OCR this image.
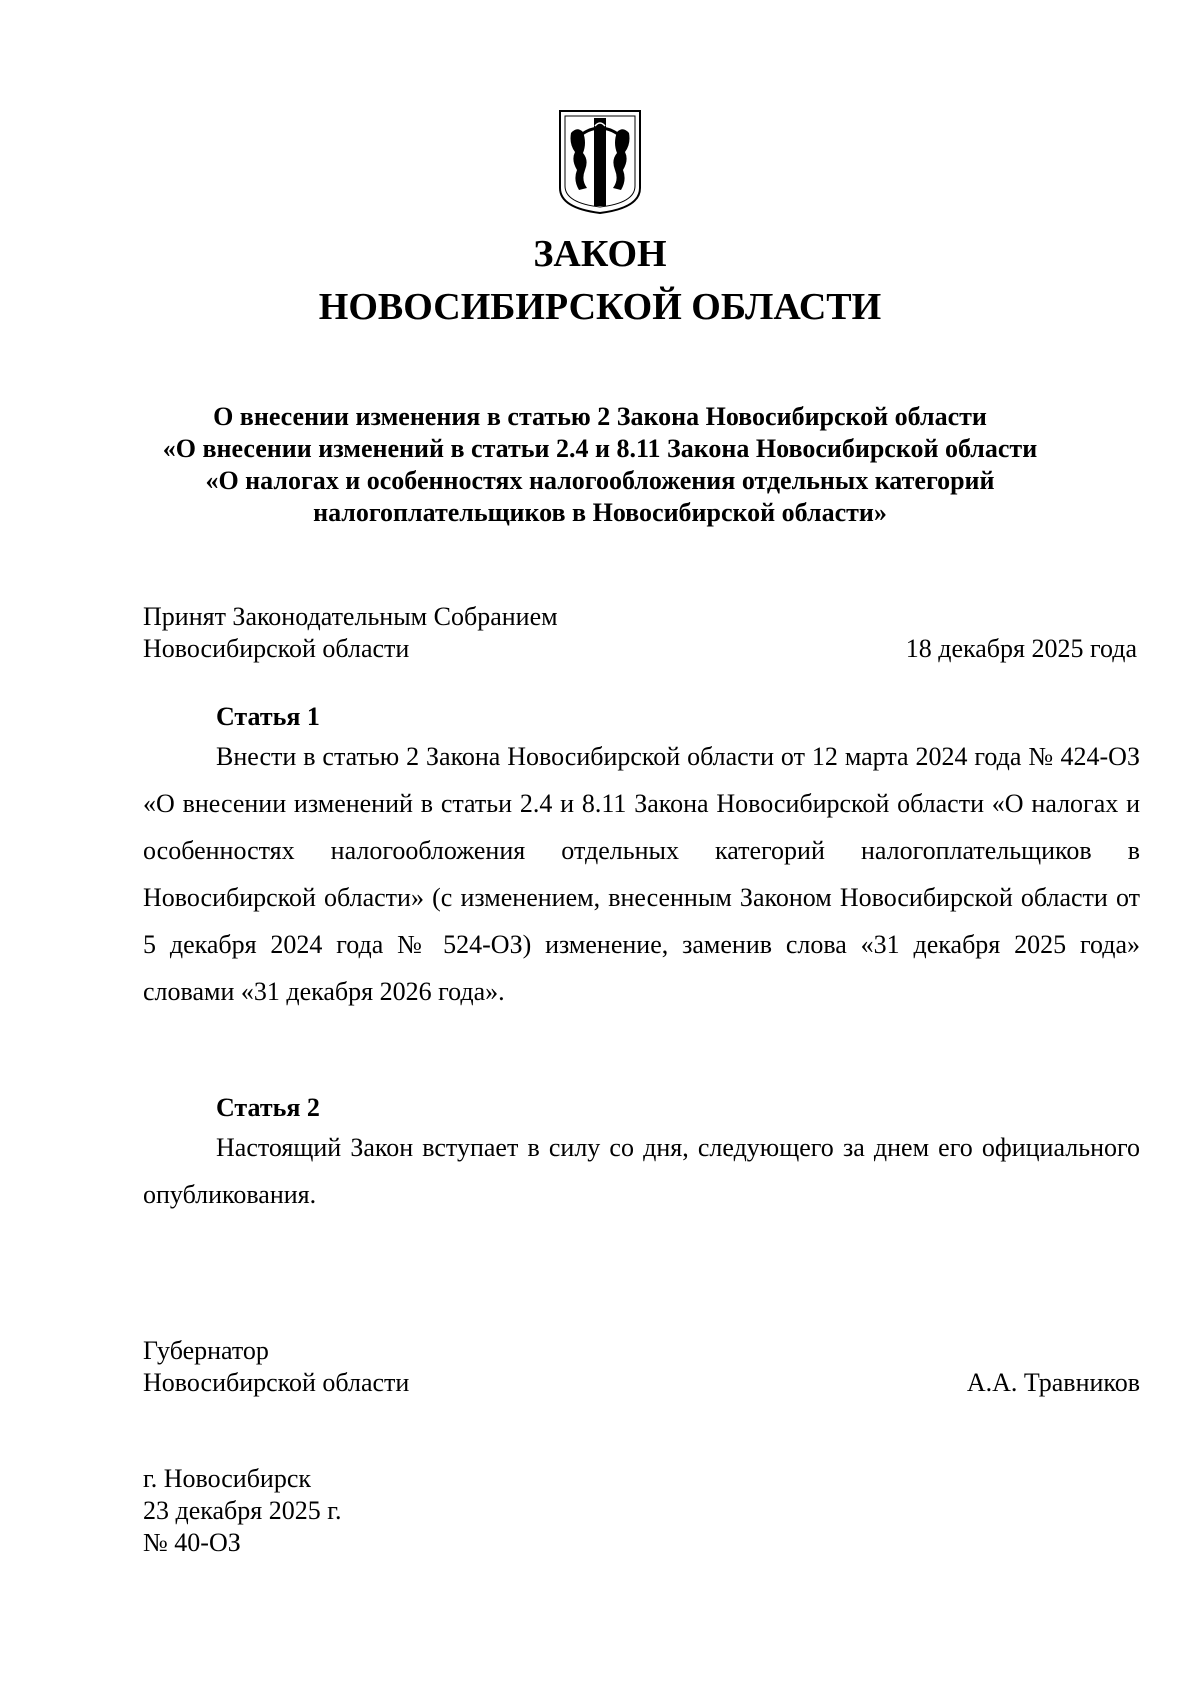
ЗАКОН
НОВОСИБИРСКОЙ ОБЛАСТИ
О внесении изменения в статью 2 Закона Новосибирской области
«О внесении изменений в статьи 2.4 и 8.11 Закона Новосибирской области
«О налогах и особенностях налогообложения отдельных категорий
налогоплательщиков в Новосибирской области»
Принят Законодательным Собранием
Новосибирской области	18 декабря 2025 года
Статья 1

Внести в статью 2 Закона Новосибирской области от 12 марта 2024 года № 424-ОЗ «О внесении изменений в статьи 2.4 и 8.11 Закона Новосибирской области «О налогах и особенностях налогообложения отдельных категорий налогоплательщиков в Новосибирской области» (с изменением, внесенным Законом Новосибирской области от 5 декабря 2024 года № 524-ОЗ) изменение, заменив слова «31 декабря 2025 года» словами «31 декабря 2026 года».

Статья 2

Настоящий Закон вступает в силу со дня, следующего за днем его официального опубликования.

Губернатор
Новосибирской области	А.А. Травников
г. Новосибирск
23 декабря 2025 г.
№ 40-ОЗ
